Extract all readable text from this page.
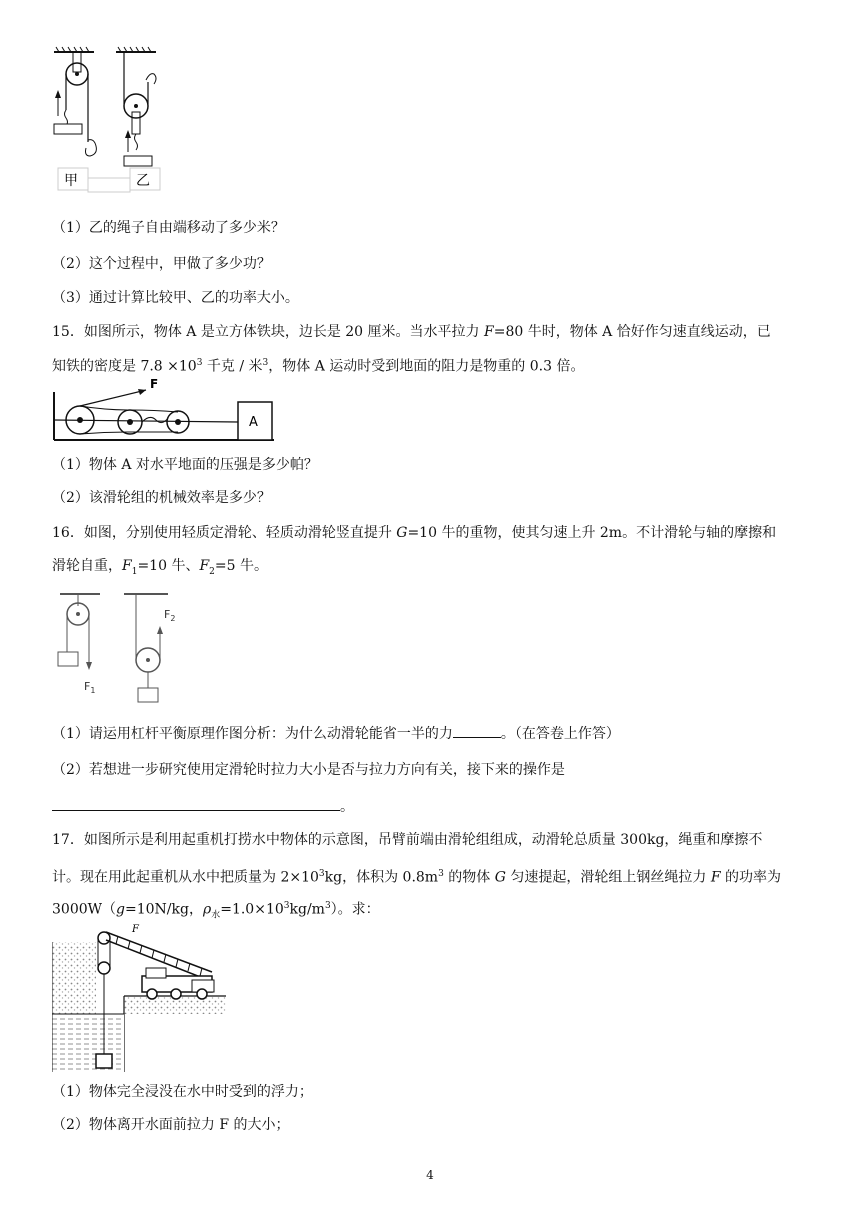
甲	乙
（1）乙的绳子自由端移动了多少米？
（2）这个过程中，甲做了多少功？
（3）通过计算比较甲、乙的功率大小。
15．如图所示，物体 A 是立方体铁块，边长是 20 厘米。当水平拉力 F=80 牛时，物体 A 恰好作匀速直线运动，已
知铁的密度是 $7.8 \times 10^3$ 千克 / 米$^3$，物体 A 运动时受到地面的阻力是物重的 0.3 倍。
F
A
（1）物体 A 对水平地面的压强是多少帕？
（2）该滑轮组的机械效率是多少？
16．如图，分别使用轻质定滑轮、轻质动滑轮竖直提升 G=10 牛的重物，使其匀速上升 2m。不计滑轮与轴的摩擦和
滑轮自重，$F_1=10$ 牛、$F_2=5$ 牛。
$F_1$
$F_2$
（1）请运用杠杆平衡原理作图分析：为什么动滑轮能省一半的力	。（在答卷上作答）
（2）若想进一步研究使用定滑轮时拉力大小是否与拉力方向有关，接下来的操作是
。
17．如图所示是利用起重机打捞水中物体的示意图，吊臂前端由滑轮组组成，动滑轮总质量 300kg，绳重和摩擦不
计。现在用此起重机从水中把质量为 $2\times 10^3kg$，体积为 $0.8m^3$ 的物体 G 匀速提起，滑轮组上钢丝绳拉力 F 的功率为
3000W（g=10N/kg，$\rho_水=1.0\times 10^3kg/m^3$）。求：
F
（1）物体完全浸没在水中时受到的浮力；
（2）物体离开水面前拉力 F 的大小；
4
